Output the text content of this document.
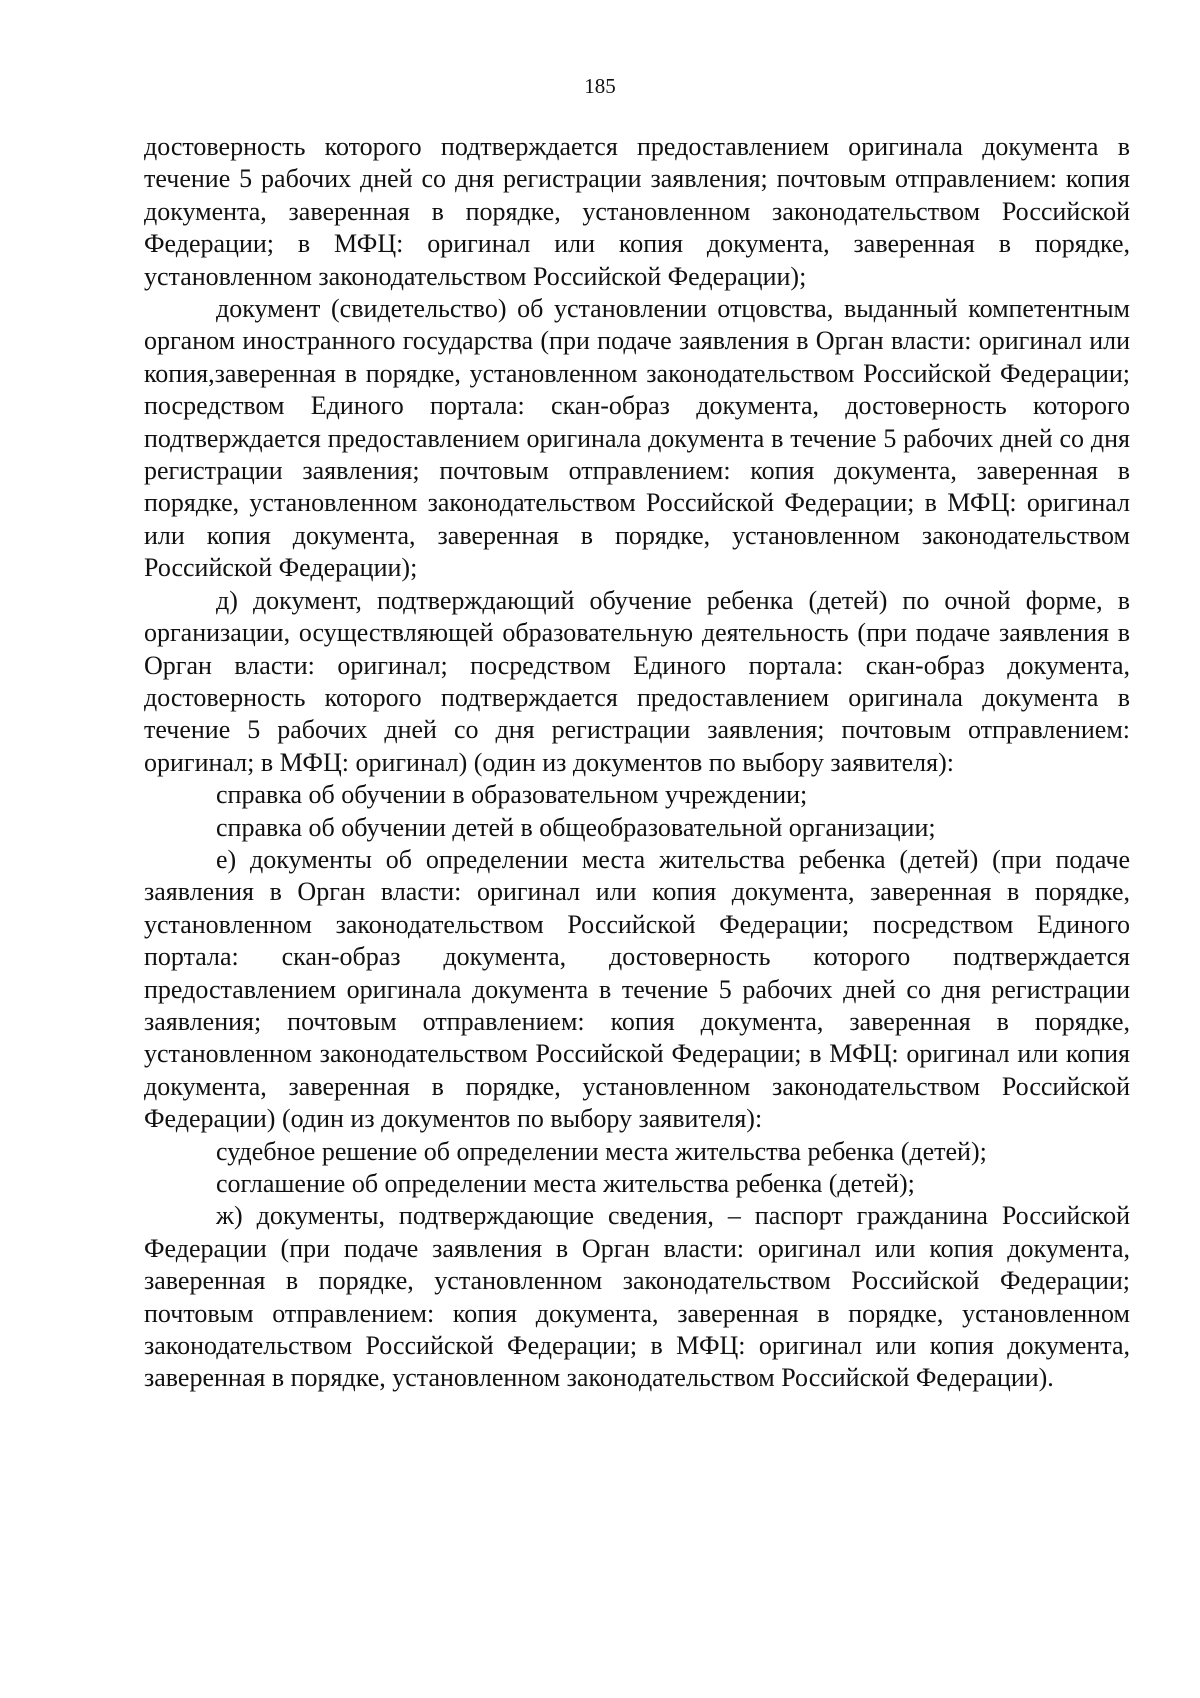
185

достоверность которого подтверждается предоставлением оригинала документа в течение 5 рабочих дней со дня регистрации заявления; почтовым отправлением: копия документа, заверенная в порядке, установленном законодательством Российской Федерации; в МФЦ: оригинал или копия документа, заверенная в порядке, установленном законодательством Российской Федерации);

документ (свидетельство) об установлении отцовства, выданный компетентным органом иностранного государства (при подаче заявления в Орган власти: оригинал или копия,заверенная в порядке, установленном законодательством Российской Федерации; посредством Единого портала: скан-образ документа, достоверность которого подтверждается предоставлением оригинала документа в течение 5 рабочих дней со дня регистрации заявления; почтовым отправлением: копия документа, заверенная в порядке, установленном законодательством Российской Федерации; в МФЦ: оригинал или копия документа, заверенная в порядке, установленном законодательством Российской Федерации);

д) документ, подтверждающий обучение ребенка (детей) по очной форме, в организации, осуществляющей образовательную деятельность (при подаче заявления в Орган власти: оригинал; посредством Единого портала: скан-образ документа, достоверность которого подтверждается предоставлением оригинала документа в течение 5 рабочих дней со дня регистрации заявления; почтовым отправлением: оригинал; в МФЦ: оригинал) (один из документов по выбору заявителя):

справка об обучении в образовательном учреждении;

справка об обучении детей в общеобразовательной организации;

е) документы об определении места жительства ребенка (детей) (при подаче заявления в Орган власти: оригинал или копия документа, заверенная в порядке, установленном законодательством Российской Федерации; посредством Единого портала: скан-образ документа, достоверность которого подтверждается предоставлением оригинала документа в течение 5 рабочих дней со дня регистрации заявления; почтовым отправлением: копия документа, заверенная в порядке, установленном законодательством Российской Федерации; в МФЦ: оригинал или копия документа, заверенная в порядке, установленном законодательством Российской Федерации) (один из документов по выбору заявителя):

судебное решение об определении места жительства ребенка (детей);

соглашение об определении места жительства ребенка (детей);

ж) документы, подтверждающие сведения, – паспорт гражданина Российской Федерации (при подаче заявления в Орган власти: оригинал или копия документа, заверенная в порядке, установленном законодательством Российской Федерации; почтовым отправлением: копия документа, заверенная в порядке, установленном законодательством Российской Федерации; в МФЦ: оригинал или копия документа, заверенная в порядке, установленном законодательством Российской Федерации).
